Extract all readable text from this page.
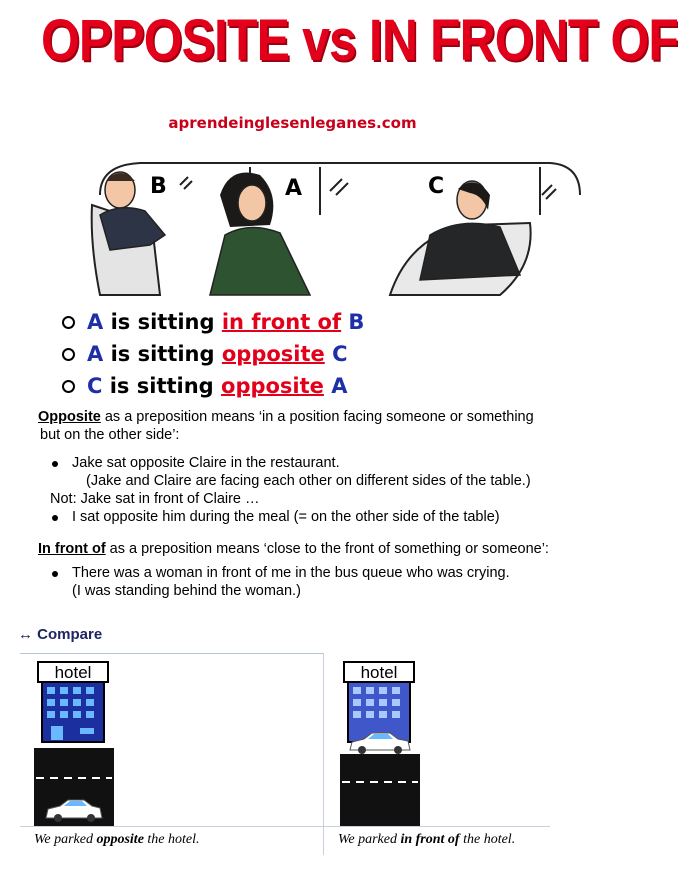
OPPOSITE vs IN FRONT OF
aprendeinglesenleganes.com
B	A	C
A is sitting in front of
B
A is sitting opposite
C
C is sitting opposite
A

Opposite as a preposition means ‘in a position facing someone or something

but on the other side’:

Jake sat opposite Claire in the restaurant.
(Jake and Claire are facing each other on different sides of the table.)
Not: Jake sat in front of Claire …
I sat opposite him during the meal (= on the other side of the table)

In front of as a preposition means ‘close to the front of something or someone’:

There was a woman in front of me in the bus queue who was crying.
(I was standing behind the woman.)
↔ Compare
hotel
We parked opposite the hotel.
hotel
We parked in front of the hotel.
